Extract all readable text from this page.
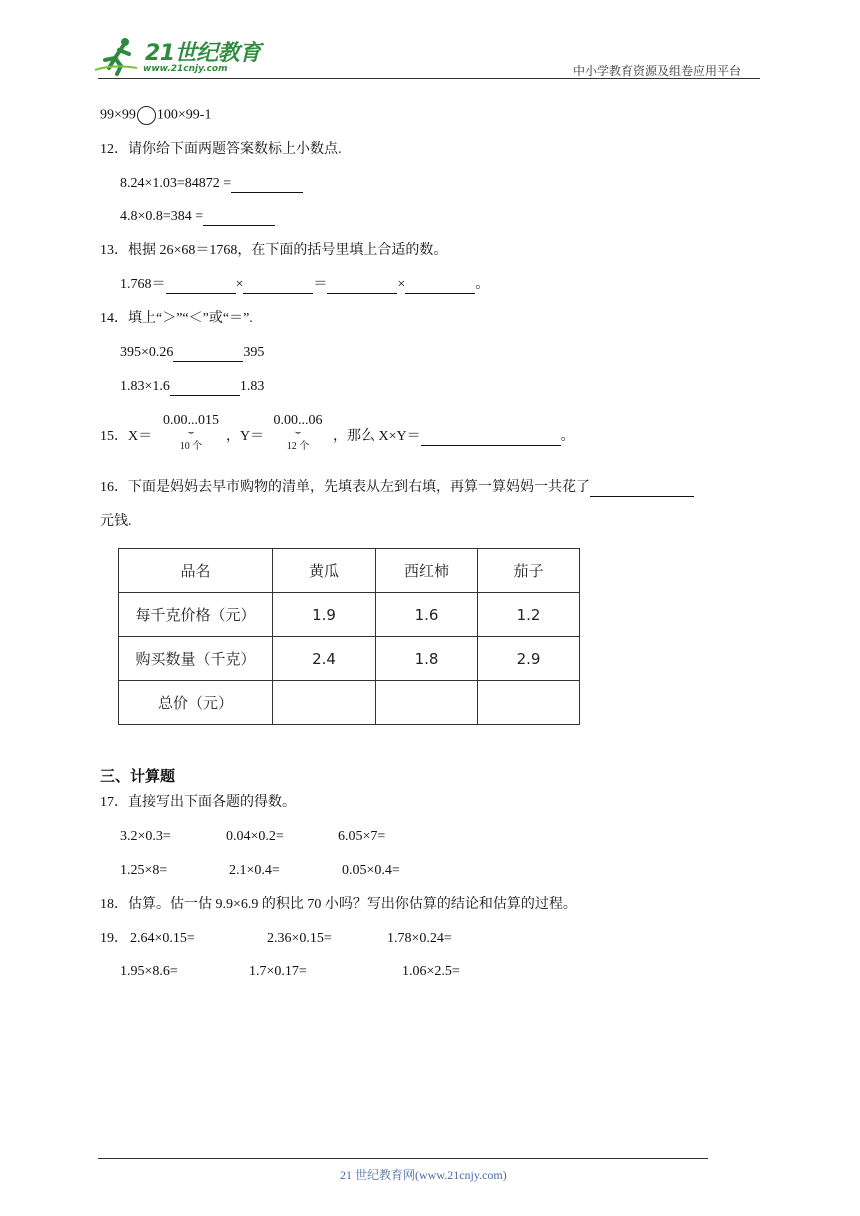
21世纪教育
www.21cnjy.com	中小学教育资源及组卷应用平台
99×99 100×99-1
12．请你给下面两题答案数标上小数点.
8.24×1.03=84872 =
4.8×0.8=384 =
13．根据 26×68＝1768，在下面的括号里填上合适的数。
1.768＝	×	＝	×	。
14．填上“＞”“＜”或“＝”.
395×0.26	395
1.83×1.6	1.83
15．X＝
0.00...015
⌣
10 个
，Y＝
0.00...06
⌣
12 个
，那么 X×Y＝	。
16．下面是妈妈去早市购物的清单，先填表从左到右填，再算一算妈妈一共花了
元钱.
品名	黄瓜	西红柿	茄子
每千克价格（元）	1.9	1.6	1.2
购买数量（千克）	2.4	1.8	2.9
总价（元）			
三、计算题
17．直接写出下面各题的得数。
3.2×0.3=	0.04×0.2=	6.05×7=
1.25×8=	2.1×0.4=	0.05×0.4=
18．估算。估一估 9.9×6.9 的积比 70 小吗？写出你估算的结论和估算的过程。
19． 2.64×0.15=	2.36×0.15=	1.78×0.24=
1.95×8.6=	1.7×0.17=	1.06×2.5=
21 世纪教育网(www.21cnjy.com)
